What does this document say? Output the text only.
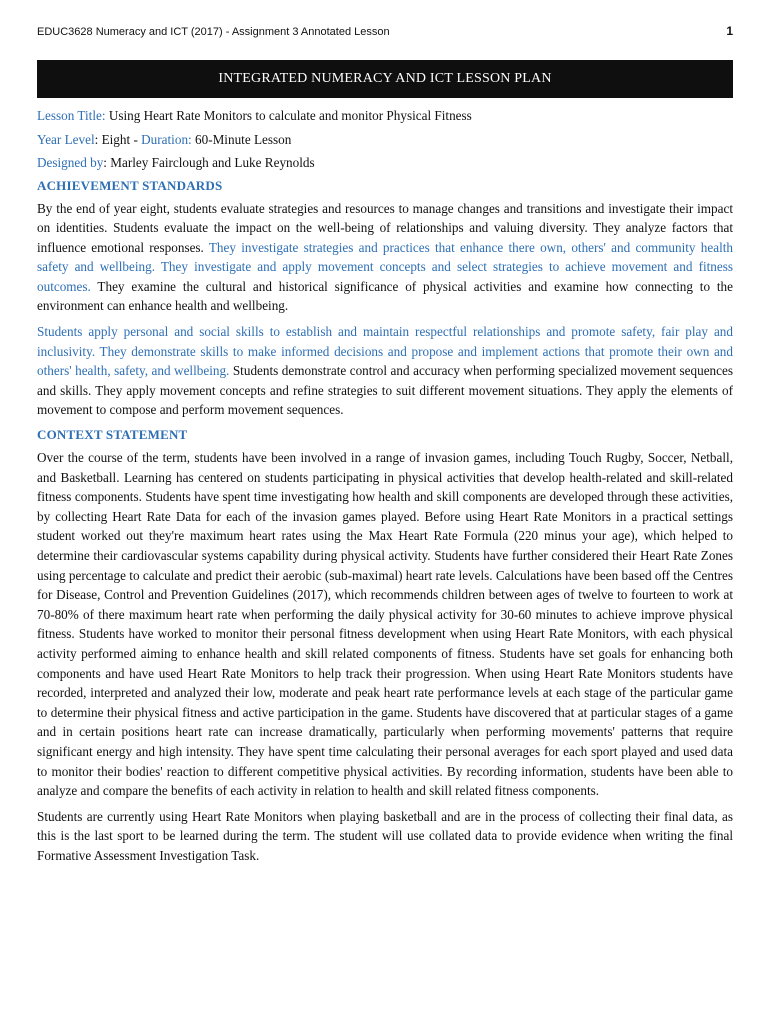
EDUC3628 Numeracy and ICT (2017) - Assignment 3 Annotated Lesson	1
INTEGRATED NUMERACY AND ICT LESSON PLAN
Lesson Title: Using Heart Rate Monitors to calculate and monitor Physical Fitness
Year Level: Eight - Duration: 60-Minute Lesson
Designed by: Marley Fairclough and Luke Reynolds
ACHIEVEMENT STANDARDS

By the end of year eight, students evaluate strategies and resources to manage changes and transitions and investigate their impact on identities. Students evaluate the impact on the well-being of relationships and valuing diversity. They analyze factors that influence emotional responses. They investigate strategies and practices that enhance there own, others' and community health safety and wellbeing. They investigate and apply movement concepts and select strategies to achieve movement and fitness outcomes. They examine the cultural and historical significance of physical activities and examine how connecting to the environment can enhance health and wellbeing.

Students apply personal and social skills to establish and maintain respectful relationships and promote safety, fair play and inclusivity. They demonstrate skills to make informed decisions and propose and implement actions that promote their own and others' health, safety, and wellbeing. Students demonstrate control and accuracy when performing specialized movement sequences and skills. They apply movement concepts and refine strategies to suit different movement situations. They apply the elements of movement to compose and perform movement sequences.

CONTEXT STATEMENT

Over the course of the term, students have been involved in a range of invasion games, including Touch Rugby, Soccer, Netball, and Basketball. Learning has centered on students participating in physical activities that develop health-related and skill-related fitness components. Students have spent time investigating how health and skill components are developed through these activities, by collecting Heart Rate Data for each of the invasion games played. Before using Heart Rate Monitors in a practical settings student worked out they're maximum heart rates using the Max Heart Rate Formula (220 minus your age), which helped to determine their cardiovascular systems capability during physical activity. Students have further considered their Heart Rate Zones using percentage to calculate and predict their aerobic (sub-maximal) heart rate levels. Calculations have been based off the Centres for Disease, Control and Prevention Guidelines (2017), which recommends children between ages of twelve to fourteen to work at 70-80% of there maximum heart rate when performing the daily physical activity for 30-60 minutes to achieve improve physical fitness. Students have worked to monitor their personal fitness development when using Heart Rate Monitors, with each physical activity performed aiming to enhance health and skill related components of fitness. Students have set goals for enhancing both components and have used Heart Rate Monitors to help track their progression. When using Heart Rate Monitors students have recorded, interpreted and analyzed their low, moderate and peak heart rate performance levels at each stage of the particular game to determine their physical fitness and active participation in the game. Students have discovered that at particular stages of a game and in certain positions heart rate can increase dramatically, particularly when performing movements' patterns that require significant energy and high intensity. They have spent time calculating their personal averages for each sport played and used data to monitor their bodies' reaction to different competitive physical activities. By recording information, students have been able to analyze and compare the benefits of each activity in relation to health and skill related fitness components.

Students are currently using Heart Rate Monitors when playing basketball and are in the process of collecting their final data, as this is the last sport to be learned during the term. The student will use collated data to provide evidence when writing the final Formative Assessment Investigation Task.
